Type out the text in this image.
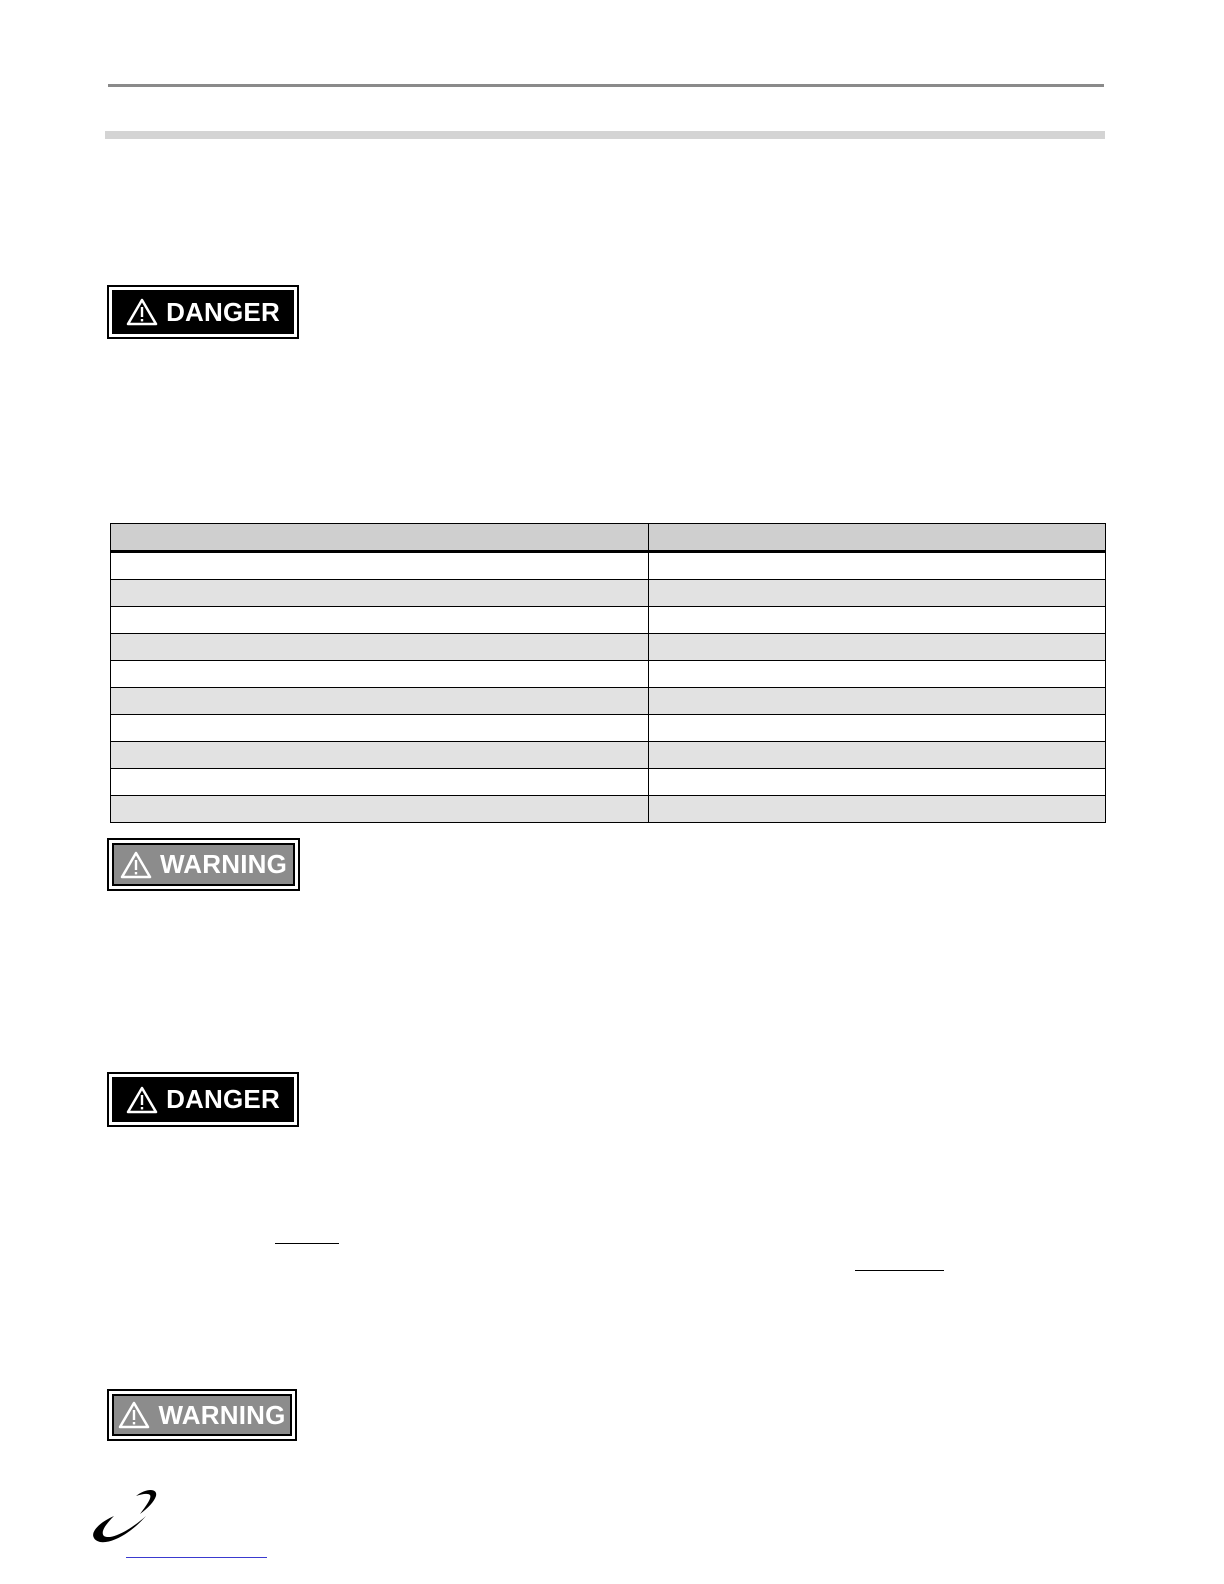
DANGER

WARNING
DANGER
WARNING
